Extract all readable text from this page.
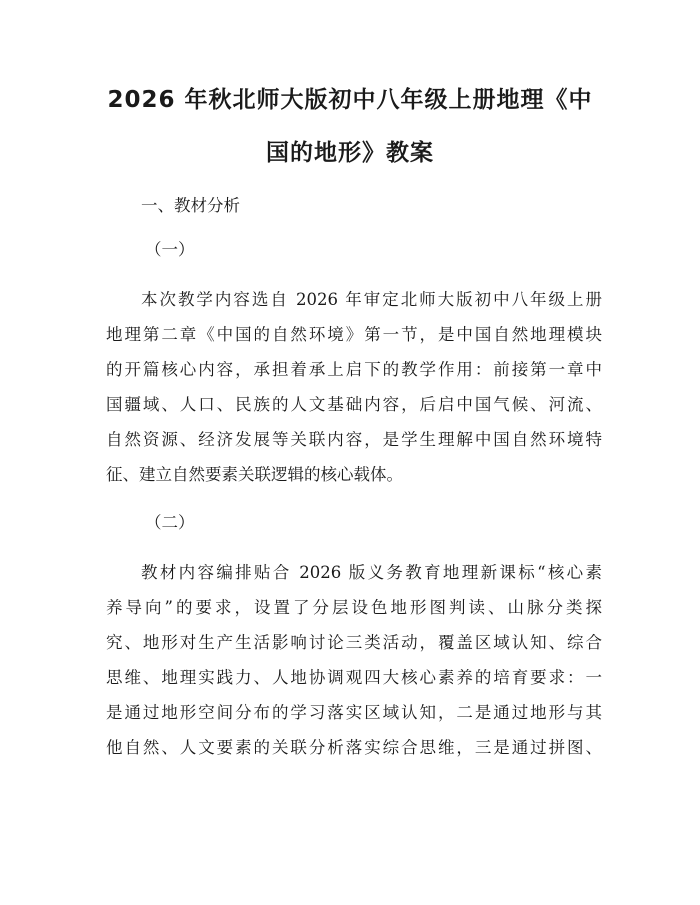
2026 年秋北师大版初中八年级上册地理《中
国的地形》教案

一、教材分析

（一）

本次教学内容选自 2026 年审定北师大版初中八年级上册

地理第二章《中国的自然环境》第一节，是中国自然地理模块

的开篇核心内容，承担着承上启下的教学作用：前接第一章中

国疆域、人口、民族的人文基础内容，后启中国气候、河流、

自然资源、经济发展等关联内容，是学生理解中国自然环境特

征、建立自然要素关联逻辑的核心载体。

（二）

教材内容编排贴合 2026 版义务教育地理新课标“核心素

养导向”的要求，设置了分层设色地形图判读、山脉分类探

究、地形对生产生活影响讨论三类活动，覆盖区域认知、综合

思维、地理实践力、人地协调观四大核心素养的培育要求：一

是通过地形空间分布的学习落实区域认知，二是通过地形与其

他自然、人文要素的关联分析落实综合思维，三是通过拼图、
